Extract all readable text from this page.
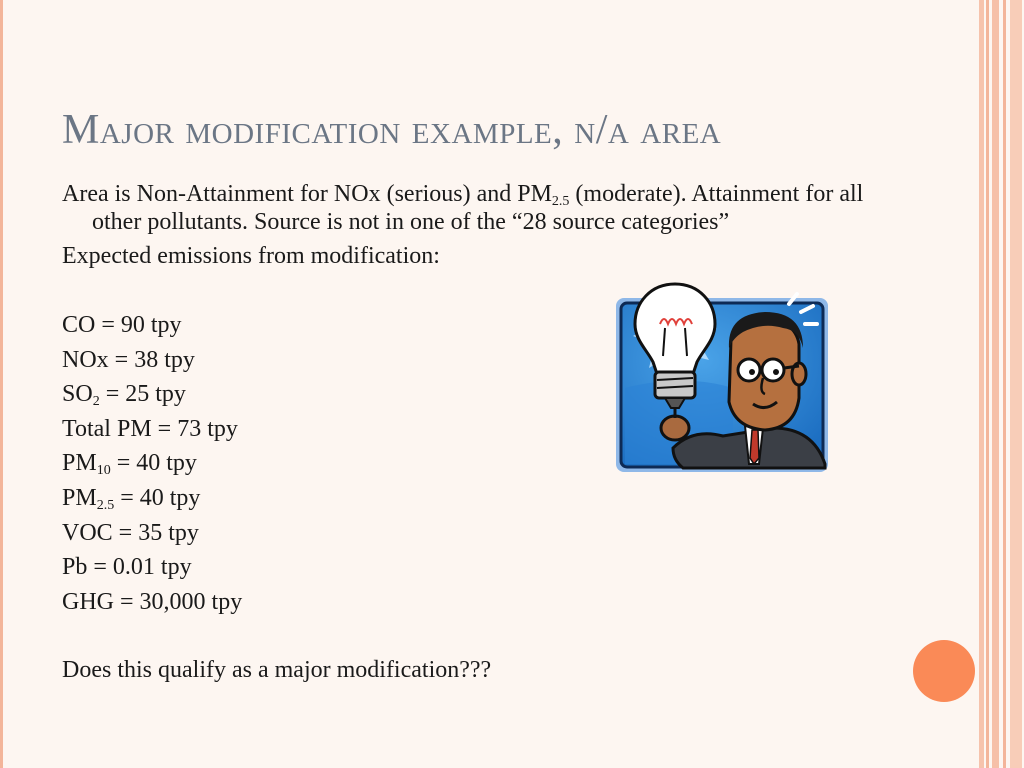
Major modification example, n/a area

Area is Non-Attainment for NOx (serious) and $PM_{2.5}$ (moderate). Attainment for all other pollutants. Source is not in one of the “28 source categories”

Expected emissions from modification:

CO = 90 tpy

NOx = 38 tpy

$SO_2 = 25$ tpy

Total PM = 73 tpy

$PM_{10} = 40$ tpy

$PM_{2.5} = 40$ tpy

VOC = 35 tpy

Pb = 0.01 tpy

GHG = 30,000 tpy

Does this qualify as a major modification???
